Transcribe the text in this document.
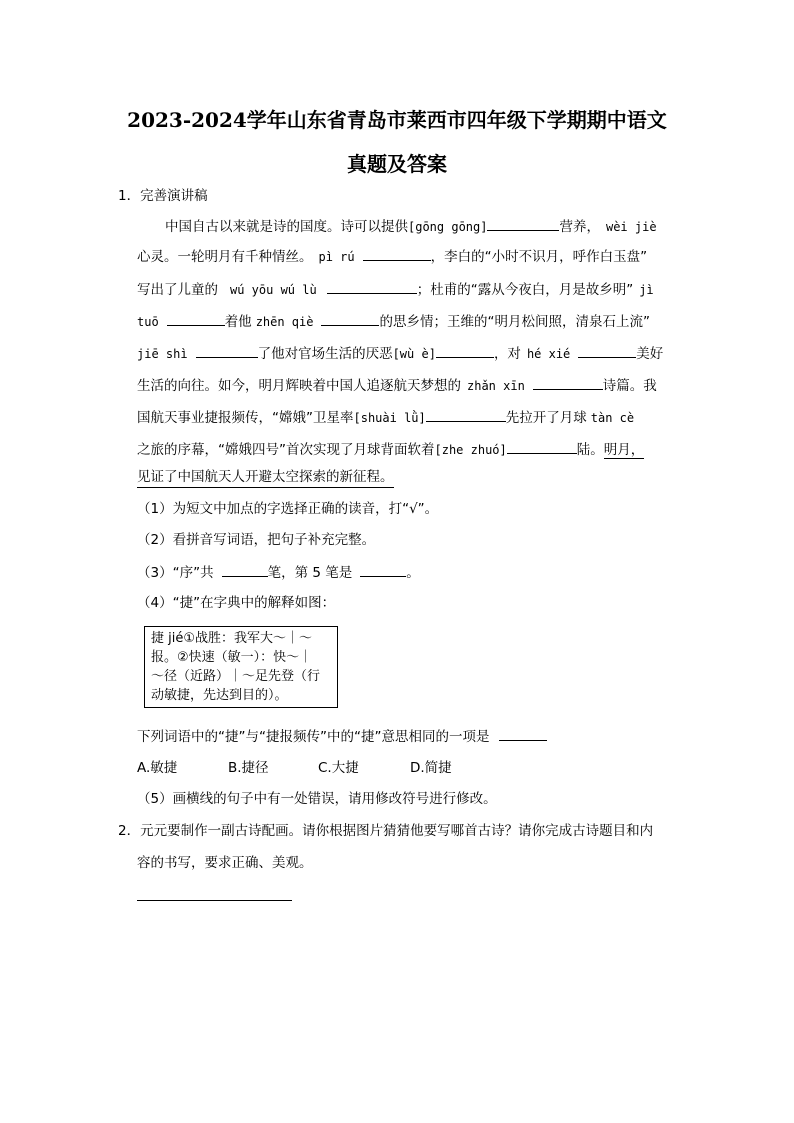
2023-2024学年山东省青岛市莱西市四年级下学期期中语文
真题及答案
1．完善演讲稿
中国自古以来就是诗的国度。诗可以提供[gōng gōng]	营养， wèi jiè
心灵。一轮明月有千种情丝。 pì rú	，李白的“小时不识月，呼作白玉盘”
写出了儿童的 wú yōu wú lù	；杜甫的“露从今夜白，月是故乡明” jì
tuō	着他 zhēn qiè	的思乡情；王维的“明月松间照，清泉石上流”
jiē shì	了他对官场生活的厌恶[wù è]	，对 hé xié	美好
生活的向往。如今，明月辉映着中国人追逐航天梦想的 zhǎn xīn	诗篇。我
国航天事业捷报频传，“嫦娥”卫星率[shuài lǜ]	先拉开了月球 tàn cè
之旅的序幕，“嫦娥四号”首次实现了月球背面软着[zhe zhuó]	陆。明月，
见证了中国航天人开避太空探索的新征程。
（1）为短文中加点的字选择正确的读音，打“√”。
（2）看拼音写词语，把句子补充完整。
（3）“序”共	笔，第 5 笔是	。
（4）“捷”在字典中的解释如图：
捷 jié①战胜：我军大～｜～
报。②快速（敏一）：快～｜
～径（近路）｜～足先登（行
动敏捷，先达到目的）。
下列词语中的“捷”与“捷报频传”中的“捷”意思相同的一项是
A.敏捷	B.捷径	C.大捷	D.简捷
（5）画横线的句子中有一处错误，请用修改符号进行修改。
2．元元要制作一副古诗配画。请你根据图片猜猜他要写哪首古诗？请你完成古诗题目和内
容的书写，要求正确、美观。
